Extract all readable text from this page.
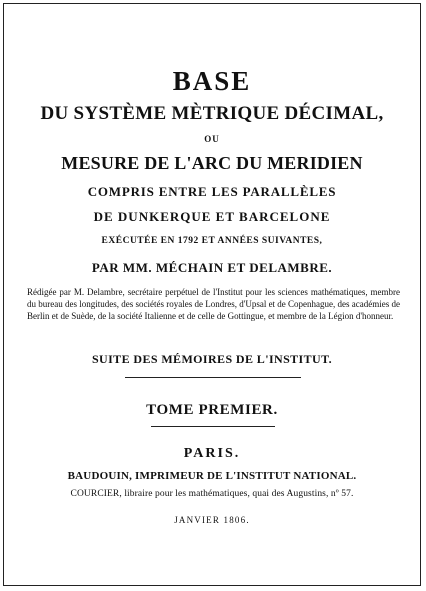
BASE
DU SYSTÈME MÈTRIQUE DÉCIMAL,
OU
MESURE DE L'ARC DU MERIDIEN
COMPRIS ENTRE LES PARALLÈLES
DE DUNKERQUE ET BARCELONE
EXÉCUTÉE EN 1792 ET ANNÉES SUIVANTES,
PAR MM. MÉCHAIN ET DELAMBRE.
Rédigée par M. Delambre, secrétaire perpétuel de l'Institut pour les sciences mathématiques, membre du bureau des longitudes, des sociétés royales de Londres, d'Upsal et de Copenhague, des académies de Berlin et de Suède, de la société Italienne et de celle de Gottingue, et membre de la Légion d'honneur.
SUITE DES MÉMOIRES DE L'INSTITUT.
TOME PREMIER.
PARIS.
BAUDOUIN, IMPRIMEUR DE L'INSTITUT NATIONAL.
COURCIER, libraire pour les mathématiques, quai des Augustins, nº 57.
JANVIER 1806.
